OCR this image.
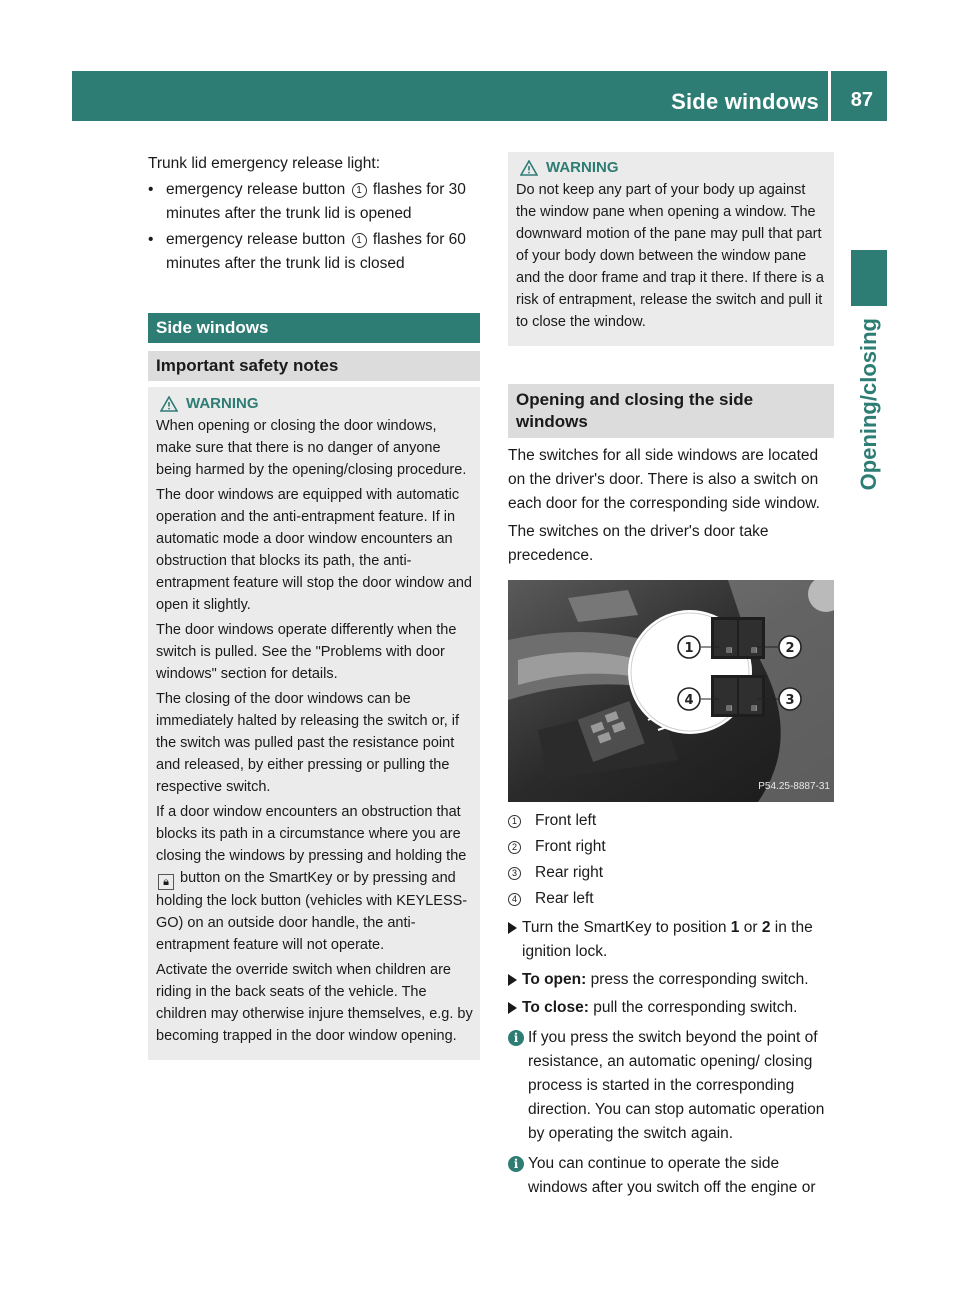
Side windows 87
Opening/closing

Trunk lid emergency release light:

• emergency release button 1 flashes for 30 minutes after the trunk lid is opened
• emergency release button 1 flashes for 60 minutes after the trunk lid is closed
Side windows
Important safety notes
WARNING

When opening or closing the door windows, make sure that there is no danger of anyone being harmed by the opening/closing procedure.

The door windows are equipped with automatic operation and the anti-entrapment feature. If in automatic mode a door window encounters an obstruction that blocks its path, the anti-entrapment feature will stop the door window and open it slightly.

The door windows operate differently when the switch is pulled. See the "Problems with door windows" section for details.

The closing of the door windows can be immediately halted by releasing the switch or, if the switch was pulled past the resistance point and released, by either pressing or pulling the respective switch.

If a door window encounters an obstruction that blocks its path in a circumstance where you are closing the windows by pressing and holding the 🔒︎ button on the SmartKey or by pressing and holding the lock button (vehicles with KEYLESS-GO) on an outside door handle, the anti-entrapment feature will not operate.

Activate the override switch when children are riding in the back seats of the vehicle. The children may otherwise injure themselves, e.g. by becoming trapped in the door window opening.

WARNING

Do not keep any part of your body up against the window pane when opening a window. The downward motion of the pane may pull that part of your body down between the window pane and the door frame and trap it there. If there is a risk of entrapment, release the switch and pull it to close the window.

Opening and closing the side windows

The switches for all side windows are located on the driver's door. There is also a switch on each door for the corresponding side window.

The switches on the driver's door take precedence.

▤	▤
▤	▤
1	2
3
4
P54.25-8887-31
1 Front left
2 Front right
3 Rear right
4 Rear left
Turn the SmartKey to position 1 or 2 in the ignition lock.
To open: press the corresponding switch.
To close: pull the corresponding switch.
i If you press the switch beyond the point of resistance, an automatic opening/ closing process is started in the corresponding direction. You can stop automatic operation by operating the switch again.
i You can continue to operate the side windows after you switch off the engine or
